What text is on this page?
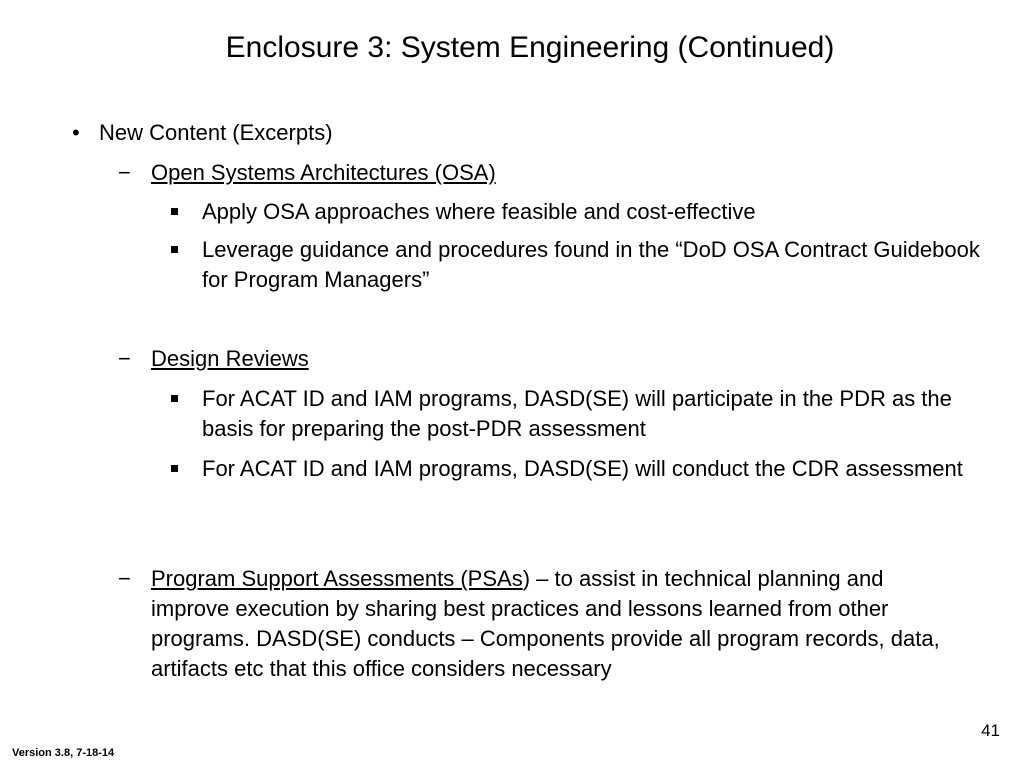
Enclosure 3: System Engineering (Continued)
• New Content (Excerpts)
− Open Systems Architectures (OSA)
Apply OSA approaches where feasible and cost-effective
Leverage guidance and procedures found in the “DoD OSA Contract Guidebook for Program Managers”
− Design Reviews
For ACAT ID and IAM programs, DASD(SE) will participate in the PDR as the basis for preparing the post-PDR assessment
For ACAT ID and IAM programs, DASD(SE) will conduct the CDR assessment
− Program Support Assessments (PSAs) – to assist in technical planning and improve execution by sharing best practices and lessons learned from other programs. DASD(SE) conducts – Components provide all program records, data, artifacts etc that this office considers necessary
Version 3.8, 7-18-14
41
